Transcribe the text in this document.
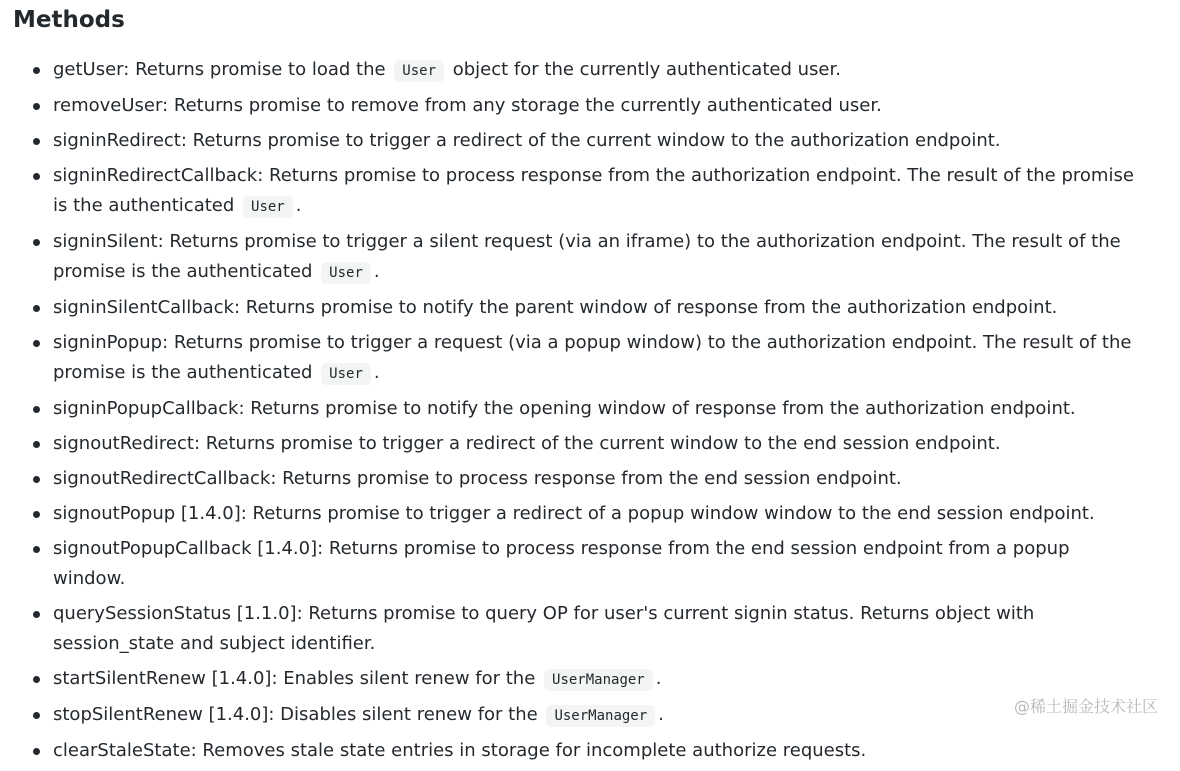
Methods
getUser: Returns promise to load the User object for the currently authenticated user.
removeUser: Returns promise to remove from any storage the currently authenticated user.
signinRedirect: Returns promise to trigger a redirect of the current window to the authorization endpoint.
signinRedirectCallback: Returns promise to process response from the authorization endpoint. The result of the promise is the authenticated User .
signinSilent: Returns promise to trigger a silent request (via an iframe) to the authorization endpoint. The result of the promise is the authenticated User .
signinSilentCallback: Returns promise to notify the parent window of response from the authorization endpoint.
signinPopup: Returns promise to trigger a request (via a popup window) to the authorization endpoint. The result of the promise is the authenticated User .
signinPopupCallback: Returns promise to notify the opening window of response from the authorization endpoint.
signoutRedirect: Returns promise to trigger a redirect of the current window to the end session endpoint.
signoutRedirectCallback: Returns promise to process response from the end session endpoint.
signoutPopup [1.4.0]: Returns promise to trigger a redirect of a popup window window to the end session endpoint.
signoutPopupCallback [1.4.0]: Returns promise to process response from the end session endpoint from a popup window.
querySessionStatus [1.1.0]: Returns promise to query OP for user's current signin status. Returns object with session_state and subject identifier.
startSilentRenew [1.4.0]: Enables silent renew for the UserManager .
stopSilentRenew [1.4.0]: Disables silent renew for the UserManager .
clearStaleState: Removes stale state entries in storage for incomplete authorize requests.
@稀土掘金技术社区
